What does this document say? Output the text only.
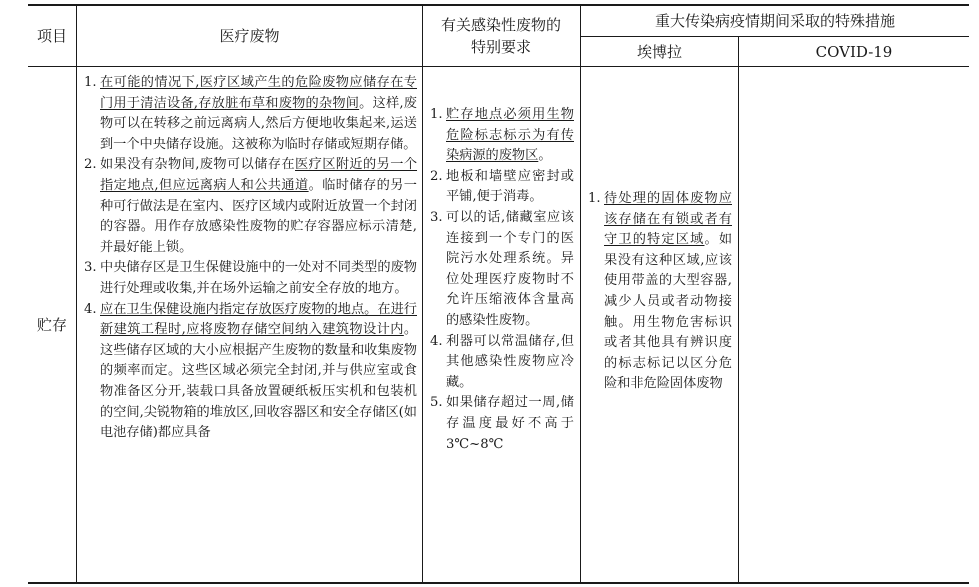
项目	医疗废物
有关感染性废物的特别要求
重大传染病疫情期间采取的特殊措施
埃博拉	COVID-19
贮存
1. 在可能的情况下,医疗区域产生的危险废物应储存在专门用于清洁设备,存放脏布草和废物的杂物间。这样,废物可以在转移之前远离病人,然后方便地收集起来,运送到一个中央储存设施。这被称为临时存储或短期存储。
2. 如果没有杂物间,废物可以储存在医疗区附近的另一个指定地点,但应远离病人和公共通道。临时储存的另一种可行做法是在室内、医疗区域内或附近放置一个封闭的容器。用作存放感染性废物的贮存容器应标示清楚,并最好能上锁。
3. 中央储存区是卫生保健设施中的一处对不同类型的废物进行处理或收集,并在场外运输之前安全存放的地方。
4. 应在卫生保健设施内指定存放医疗废物的地点。在进行新建筑工程时,应将废物存储空间纳入建筑物设计内。这些储存区域的大小应根据产生废物的数量和收集废物的频率而定。这些区域必须完全封闭,并与供应室或食物准备区分开,装载口具备放置硬纸板压实机和包装机的空间,尖锐物箱的堆放区,回收容器区和安全存储区(如电池存储)都应具备
1. 贮存地点必须用生物危险标志标示为有传染病源的废物区。
2. 地板和墙壁应密封或平铺,便于消毒。
3. 可以的话,储藏室应该连接到一个专门的医院污水处理系统。异位处理医疗废物时不允许压缩液体含量高的感染性废物。
4. 利器可以常温储存,但其他感染性废物应冷藏。
5. 如果储存超过一周,储存温度最好不高于3℃~8℃
1. 待处理的固体废物应该存储在有锁或者有守卫的特定区域。如果没有这种区域,应该使用带盖的大型容器,减少人员或者动物接触。用生物危害标识或者其他具有辨识度的标志标记以区分危险和非危险固体废物
